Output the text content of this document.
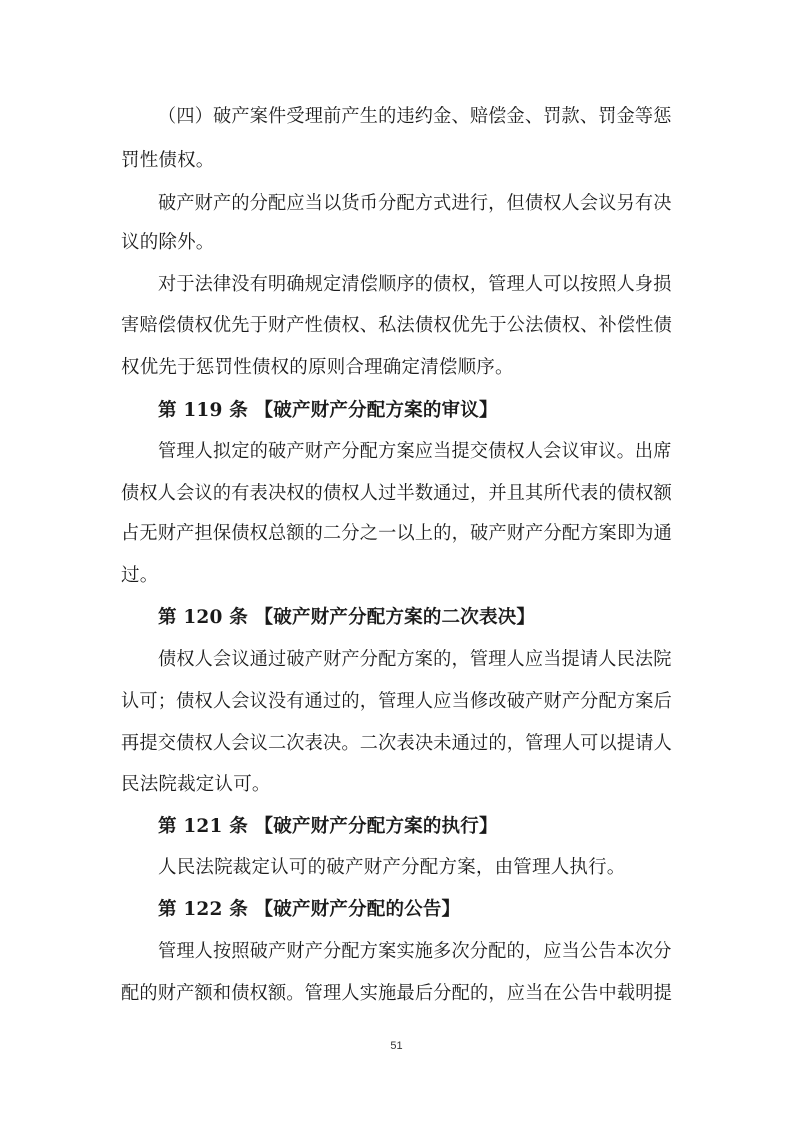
（四）破产案件受理前产生的违约金、赔偿金、罚款、罚金等惩
罚性债权。
破产财产的分配应当以货币分配方式进行，但债权人会议另有决
议的除外。
对于法律没有明确规定清偿顺序的债权，管理人可以按照人身损
害赔偿债权优先于财产性债权、私法债权优先于公法债权、补偿性债
权优先于惩罚性债权的原则合理确定清偿顺序。
第 119 条 【破产财产分配方案的审议】
管理人拟定的破产财产分配方案应当提交债权人会议审议。出席
债权人会议的有表决权的债权人过半数通过，并且其所代表的债权额
占无财产担保债权总额的二分之一以上的，破产财产分配方案即为通
过。
第 120 条 【破产财产分配方案的二次表决】
债权人会议通过破产财产分配方案的，管理人应当提请人民法院
认可；债权人会议没有通过的，管理人应当修改破产财产分配方案后
再提交债权人会议二次表决。二次表决未通过的，管理人可以提请人
民法院裁定认可。
第 121 条 【破产财产分配方案的执行】
人民法院裁定认可的破产财产分配方案，由管理人执行。
第 122 条 【破产财产分配的公告】
管理人按照破产财产分配方案实施多次分配的，应当公告本次分
配的财产额和债权额。管理人实施最后分配的，应当在公告中载明提
51
